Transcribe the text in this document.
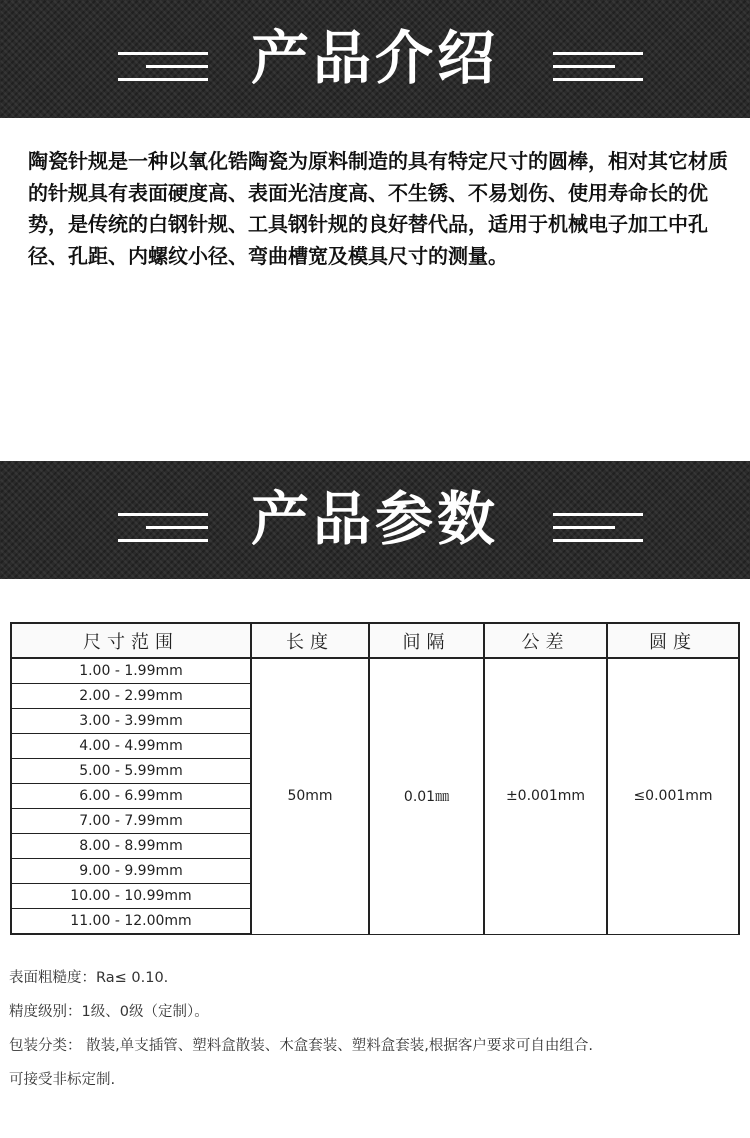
产品介绍

陶瓷针规是一种以氧化锆陶瓷为原料制造的具有特定尺寸的圆棒，相对其它材质的针规具有表面硬度高、表面光洁度高、不生锈、不易划伤、使用寿命长的优势，是传统的白钢针规、工具钢针规的良好替代品，适用于机械电子加工中孔径、孔距、内螺纹小径、弯曲槽宽及模具尺寸的测量。

产品参数
尺寸范围	长度	间隔	公差	圆度
1.00 - 1.99mm	50mm	0.01㎜	±0.001mm	≤0.001mm
2.00 - 2.99mm				
3.00 - 3.99mm				
4.00 - 4.99mm				
5.00 - 5.99mm				
6.00 - 6.99mm				
7.00 - 7.99mm				
8.00 - 8.99mm				
9.00 - 9.99mm				
10.00 - 10.99mm				
11.00 - 12.00mm				

表面粗糙度：Ra≤ 0.10.

精度级别：1级、0级（定制）。

包装分类： 散装,单支插管、塑料盒散装、木盒套装、塑料盒套装,根据客户要求可自由组合.

可接受非标定制.
